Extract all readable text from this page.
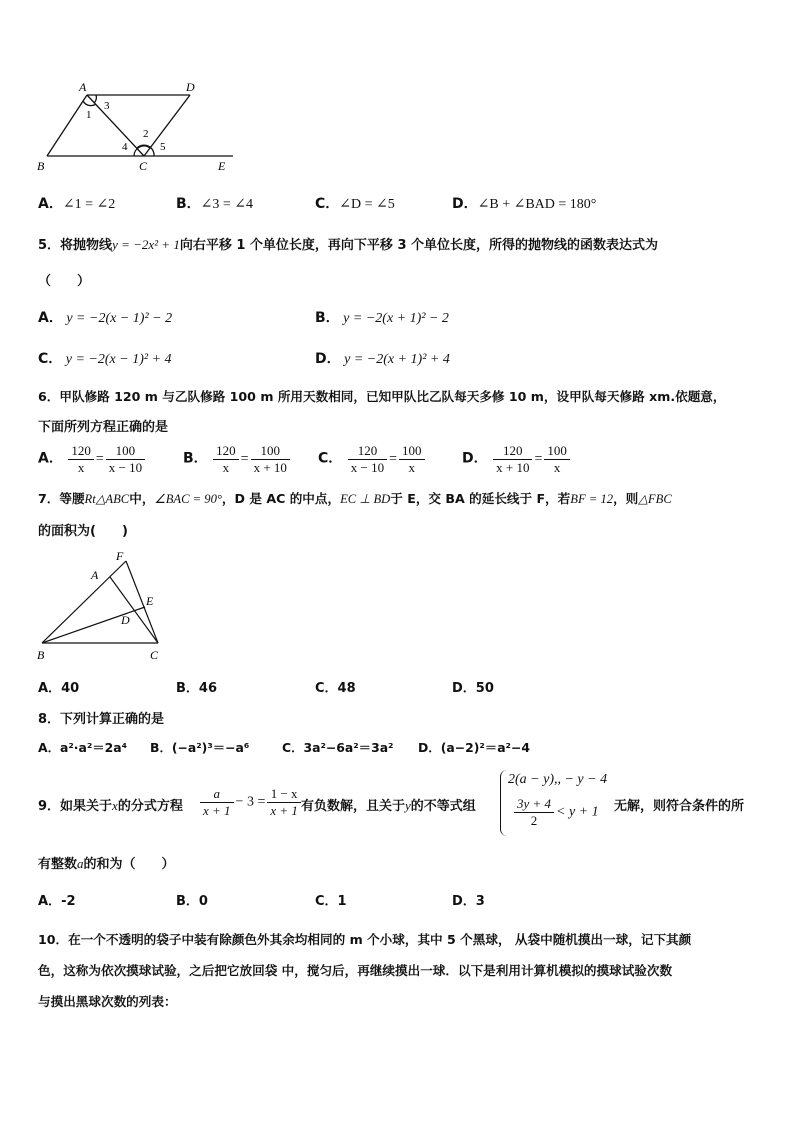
A	D
B	C	E
1
3
2
4	5
A．∠1 = ∠2	B．∠3 = ∠4	C．∠D = ∠5	D．∠B + ∠BAD = 180°
5．将抛物线y = −2x² + 1向右平移 1 个单位长度，再向下平移 3 个单位长度，所得的抛物线的函数表达式为
（　　）
A． y = −2(x − 1)² − 2	B． y = −2(x + 1)² − 2
C． y = −2(x − 1)² + 4	D． y = −2(x + 1)² + 4
6．甲队修路 120 m 与乙队修路 100 m 所用天数相同，已知甲队比乙队每天多修 10 m，设甲队每天修路 xm.依题意，
下面所列方程正确的是
A． $\frac{120}{x} = \frac{100}{x - 10}$	B． $\frac{120}{x} = \frac{100}{x + 10}$ C． $\frac{120}{x - 10} = \frac{100}{x}$	D． $\frac{120}{x + 10} = \frac{100}{x}$
7．等腰Rt△ABC中，∠BAC = 90°，D 是 AC 的中点，EC ⊥ BD于 E，交 BA 的延长线于 F，若BF = 12，则△FBC
的面积为(　　)
F
A
E
D
B	C
A．40	B．46	C．48	D．50
8．下列计算正确的是
A．a²·a²＝2a⁴ B．(−a²)³＝−a⁶	C．3a²−6a²＝3a² D．(a−2)²＝a²−4
9．如果关于x的分式方程 $\frac{a}{x + 1} - 3 = \frac{1 - x}{x + 1}$ 有负数解，且关于y的不等式组
2(a − y),, − y − 4
$\frac{3y + 4}{2} < y + 1$ 无解，则符合条件的所
有整数a的和为（　　）
A．-2	B．0	C．1	D．3
10．在一个不透明的袋子中装有除颜色外其余均相同的 m 个小球，其中 5 个黑球， 从袋中随机摸出一球，记下其颜
色，这称为依次摸球试验，之后把它放回袋 中，搅匀后，再继续摸出一球．以下是利用计算机模拟的摸球试验次数
与摸出黑球次数的列表：
